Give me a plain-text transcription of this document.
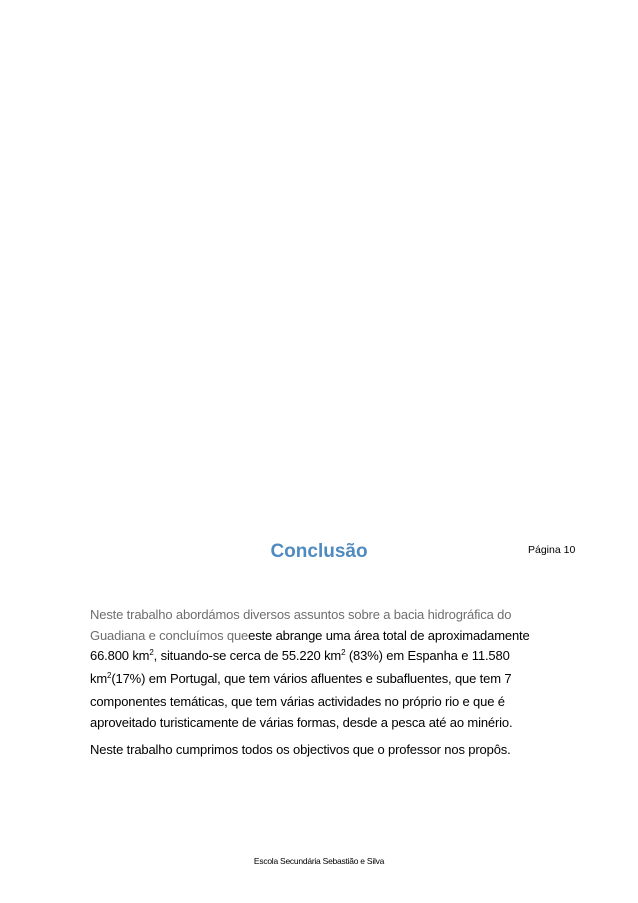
Página 10
Conclusão

Neste trabalho abordámos diversos assuntos sobre a bacia hidrográfica do
Guadiana e concluímos queeste abrange uma área total de aproximadamente
66.800 $km^2$, situando-se cerca de 55.220 $km^2$ (83%) em Espanha e 11.580
$km^2(17\%)$ em Portugal, que tem vários afluentes e subafluentes, que tem 7
componentes temáticas, que tem várias actividades no próprio rio e que é
aproveitado turisticamente de várias formas, desde a pesca até ao minério.

Neste trabalho cumprimos todos os objectivos que o professor nos propôs.

Escola Secundária Sebastião e Silva
